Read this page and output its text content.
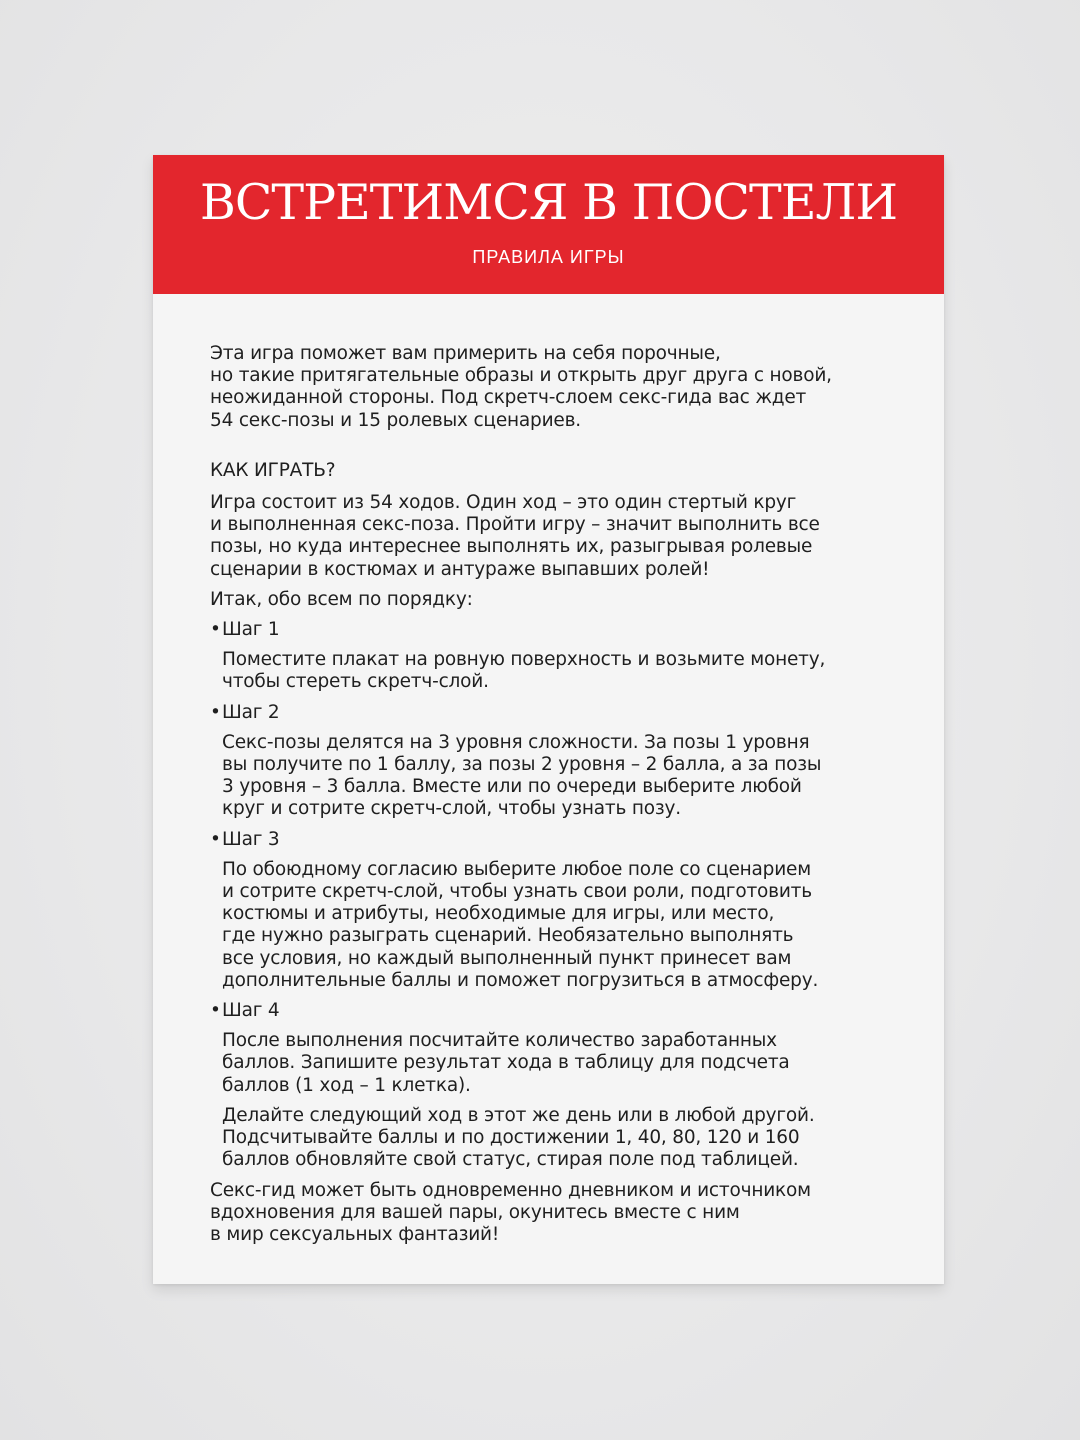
ВСТРЕТИМСЯ В ПОСТЕЛИ
ПРАВИЛА ИГРЫ

Эта игра поможет вам примерить на себя порочные,
но такие притягательные образы и открыть друг друга с новой,
неожиданной стороны. Под скретч-слоем секс-гида вас ждет
54 секс-позы и 15 ролевых сценариев.

КАК ИГРАТЬ?

Игра состоит из 54 ходов. Один ход – это один стертый круг
и выполненная секс-поза. Пройти игру – значит выполнить все
позы, но куда интереснее выполнять их, разыгрывая ролевые
сценарии в костюмах и антураже выпавших ролей!

Итак, обо всем по порядку:

• Шаг 1

Поместите плакат на ровную поверхность и возьмите монету,
чтобы стереть скретч-слой.

• Шаг 2

Секс-позы делятся на 3 уровня сложности. За позы 1 уровня
вы получите по 1 баллу, за позы 2 уровня – 2 балла, а за позы
3 уровня – 3 балла. Вместе или по очереди выберите любой
круг и сотрите скретч-слой, чтобы узнать позу.

• Шаг 3

По обоюдному согласию выберите любое поле со сценарием
и сотрите скретч-слой, чтобы узнать свои роли, подготовить
костюмы и атрибуты, необходимые для игры, или место,
где нужно разыграть сценарий. Необязательно выполнять
все условия, но каждый выполненный пункт принесет вам
дополнительные баллы и поможет погрузиться в атмосферу.

• Шаг 4

После выполнения посчитайте количество заработанных
баллов. Запишите результат хода в таблицу для подсчета
баллов (1 ход – 1 клетка).

Делайте следующий ход в этот же день или в любой другой.
Подсчитывайте баллы и по достижении 1, 40, 80, 120 и 160
баллов обновляйте свой статус, стирая поле под таблицей.

Секс-гид может быть одновременно дневником и источником
вдохновения для вашей пары, окунитесь вместе с ним
в мир сексуальных фантазий!
